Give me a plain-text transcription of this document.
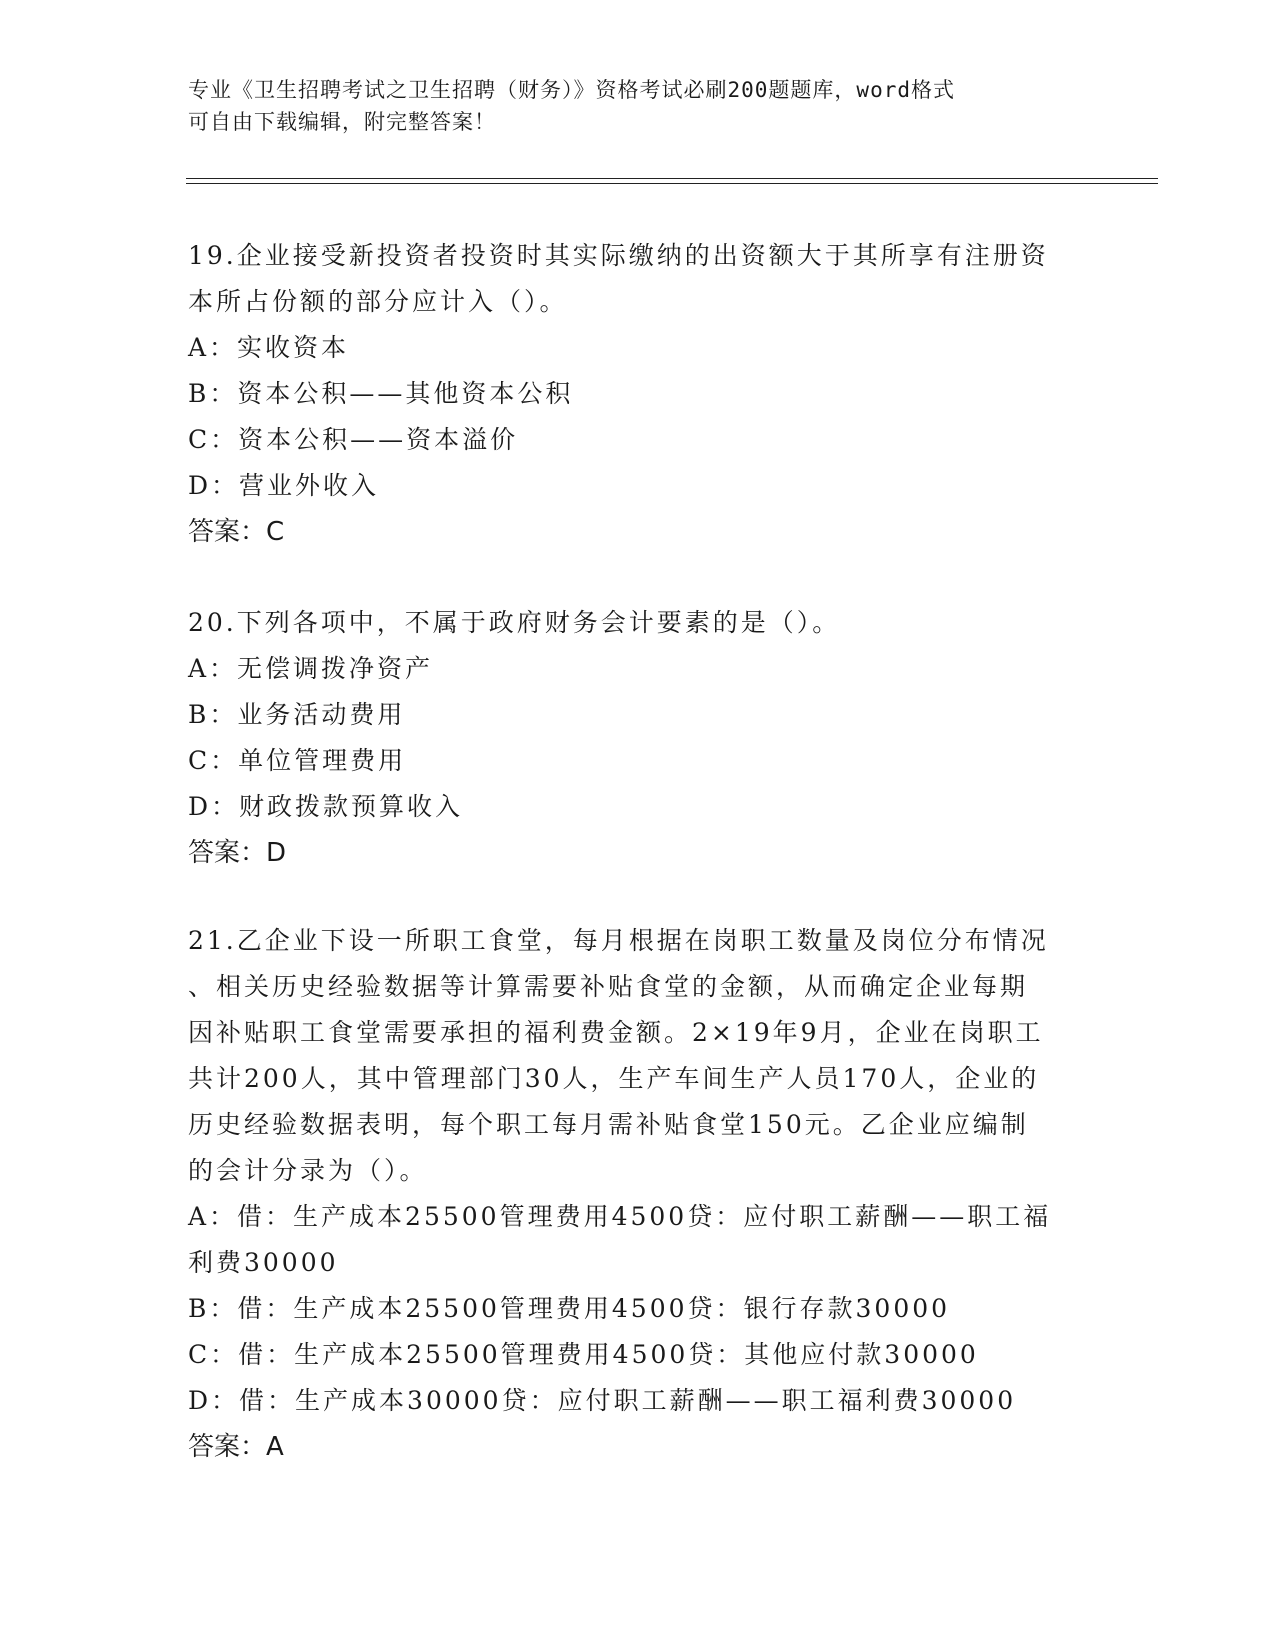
专业《卫生招聘考试之卫生招聘（财务）》资格考试必刷200题题库，word格式
可自由下载编辑，附完整答案！

19.企业接受新投资者投资时其实际缴纳的出资额大于其所享有注册资

本所占份额的部分应计入（）。

A：实收资本

B：资本公积——其他资本公积

C：资本公积——资本溢价

D：营业外收入

答案：C

20.下列各项中，不属于政府财务会计要素的是（）。

A：无偿调拨净资产

B：业务活动费用

C：单位管理费用

D：财政拨款预算收入

答案：D

21.乙企业下设一所职工食堂，每月根据在岗职工数量及岗位分布情况

、相关历史经验数据等计算需要补贴食堂的金额，从而确定企业每期

因补贴职工食堂需要承担的福利费金额。2×19年9月，企业在岗职工

共计200人，其中管理部门30人，生产车间生产人员170人，企业的

历史经验数据表明，每个职工每月需补贴食堂150元。乙企业应编制

的会计分录为（）。

A：借：生产成本25500管理费用4500贷：应付职工薪酬——职工福

利费30000

B：借：生产成本25500管理费用4500贷：银行存款30000

C：借：生产成本25500管理费用4500贷：其他应付款30000

D：借：生产成本30000贷：应付职工薪酬——职工福利费30000

答案：A
